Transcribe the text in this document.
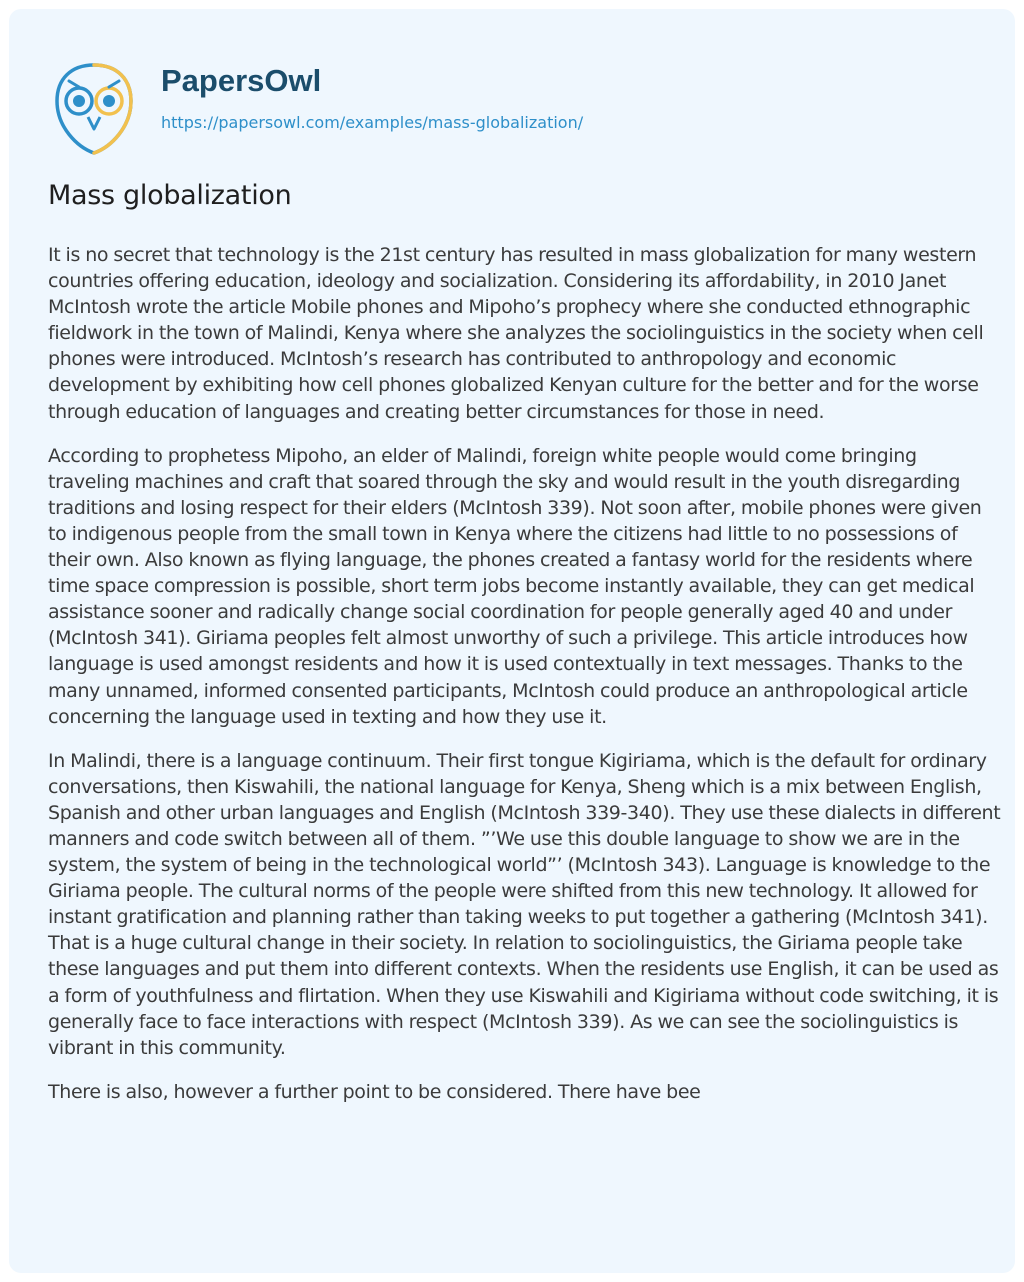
PapersOwl
https://papersowl.com/examples/mass-globalization/
Mass globalization

It is no secret that technology is the 21st century has resulted in mass globalization for many western countries offering education, ideology and socialization. Considering its affordability, in 2010 Janet McIntosh wrote the article Mobile phones and Mipoho’s prophecy where she conducted ethnographic fieldwork in the town of Malindi, Kenya where she analyzes the sociolinguistics in the society when cell phones were introduced. McIntosh’s research has contributed to anthropology and economic development by exhibiting how cell phones globalized Kenyan culture for the better and for the worse through education of languages and creating better circumstances for those in need.

According to prophetess Mipoho, an elder of Malindi, foreign white people would come bringing traveling machines and craft that soared through the sky and would result in the youth disregarding traditions and losing respect for their elders (McIntosh 339). Not soon after, mobile phones were given to indigenous people from the small town in Kenya where the citizens had little to no possessions of their own. Also known as flying language, the phones created a fantasy world for the residents where time space compression is possible, short term jobs become instantly available, they can get medical assistance sooner and radically change social coordination for people generally aged 40 and under (McIntosh 341). Giriama peoples felt almost unworthy of such a privilege. This article introduces how language is used amongst residents and how it is used contextually in text messages. Thanks to the many unnamed, informed consented participants, McIntosh could produce an anthropological article concerning the language used in texting and how they use it.

In Malindi, there is a language continuum. Their first tongue Kigiriama, which is the default for ordinary conversations, then Kiswahili, the national language for Kenya, Sheng which is a mix between English, Spanish and other urban languages and English (McIntosh 339-340). They use these dialects in different manners and code switch between all of them. ”’We use this double language to show we are in the system, the system of being in the technological world”’ (McIntosh 343). Language is knowledge to the Giriama people. The cultural norms of the people were shifted from this new technology. It allowed for instant gratification and planning rather than taking weeks to put together a gathering (McIntosh 341). That is a huge cultural change in their society. In relation to sociolinguistics, the Giriama people take these languages and put them into different contexts. When the residents use English, it can be used as a form of youthfulness and flirtation. When they use Kiswahili and Kigiriama without code switching, it is generally face to face interactions with respect (McIntosh 339). As we can see the sociolinguistics is vibrant in this community.

There is also, however a further point to be considered. There have bee
